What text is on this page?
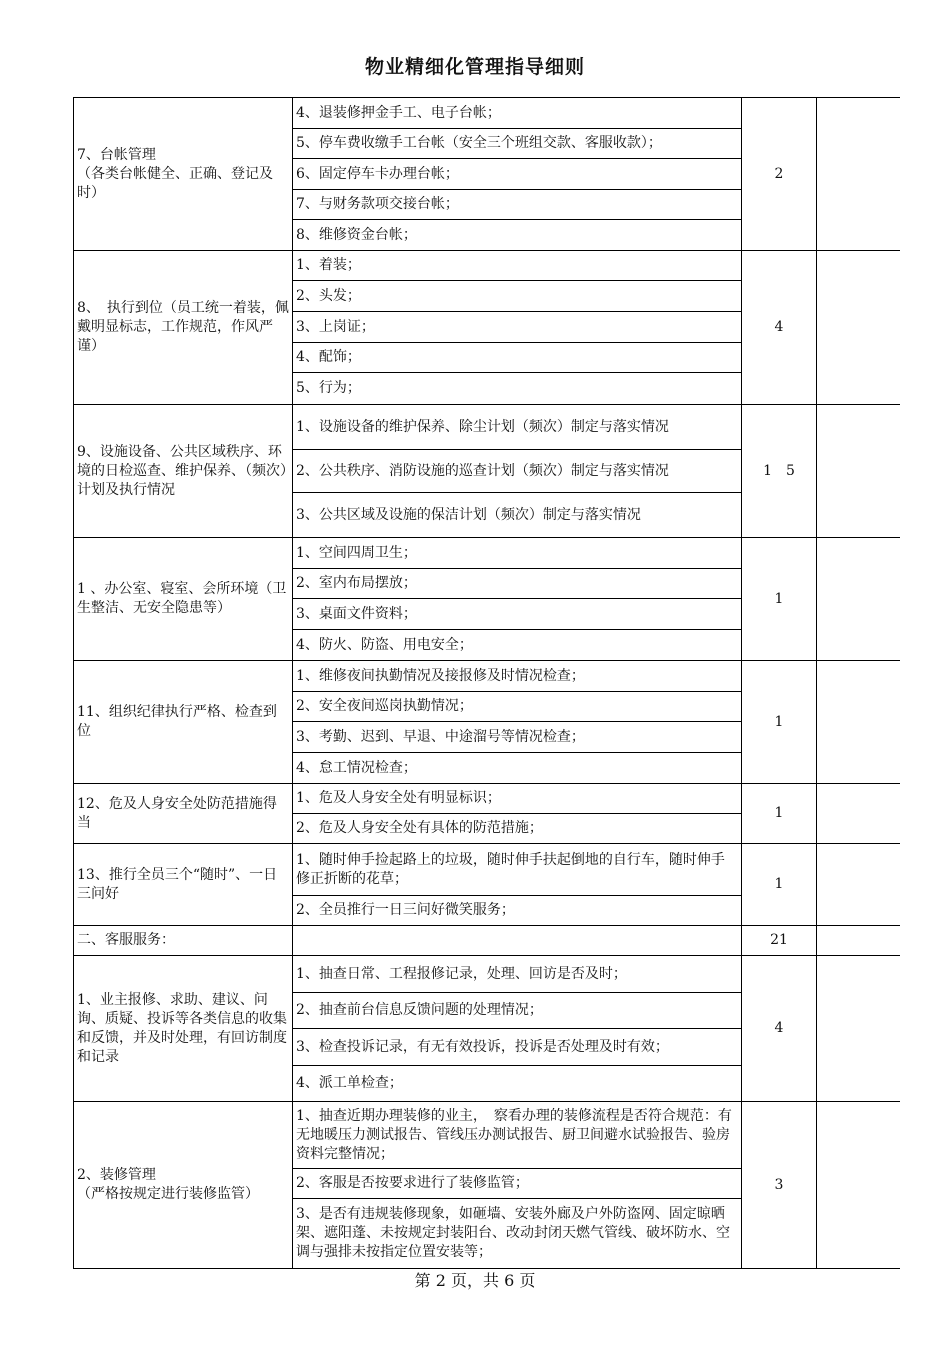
物业精细化管理指导细则
7、台帐管理
（各类台帐健全、正确、登记及时）	4、退装修押金手工、电子台帐；	2	
	5、停车费收缴手工台帐（安全三个班组交款、客服收款）；		
	6、固定停车卡办理台帐；		
	7、与财务款项交接台帐；		
	8、维修资金台帐；		
8、　执行到位（员工统一着装，佩戴明显标志，工作规范，作风严谨）	1、着装；	4	
	2、头发；		
	3、上岗证；		
	4、配饰；		
	5、行为；		
9、设施设备、公共区域秩序、环境的日检巡查、维护保养、（频次）计划及执行情况	1、设施设备的维护保养、除尘计划（频次）制定与落实情况	1　5	
	2、公共秩序、消防设施的巡查计划（频次）制定与落实情况		
	3、公共区域及设施的保洁计划（频次）制定与落实情况		
1 、办公室、寝室、会所环境（卫生整洁、无安全隐患等）	1、空间四周卫生；	1	
	2、室内布局摆放；		
	3、桌面文件资料；		
	4、防火、防盗、用电安全；		
11、组织纪律执行严格、检查到位	1、维修夜间执勤情况及接报修及时情况检查；	1	
	2、安全夜间巡岗执勤情况；		
	3、考勤、迟到、早退、中途溜号等情况检查；		
	4、怠工情况检查；		
12、危及人身安全处防范措施得当	1、危及人身安全处有明显标识；	1	
	2、危及人身安全处有具体的防范措施；		
13、推行全员三个“随时”、一日三问好	1、随时伸手捡起路上的垃圾，随时伸手扶起倒地的自行车，随时伸手修正折断的花草；	1	
	2、全员推行一日三问好微笑服务；		
二、客服服务：		21	
1、业主报修、求助、建议、问询、质疑、投诉等各类信息的收集和反馈，并及时处理，有回访制度和记录	1、抽查日常、工程报修记录，处理、回访是否及时；	4	
	2、抽查前台信息反馈问题的处理情况；		
	3、检查投诉记录，有无有效投诉，投诉是否处理及时有效；		
	4、派工单检查；		
2、装修管理
（严格按规定进行装修监管）	1、抽查近期办理装修的业主，　察看办理的装修流程是否符合规范：有无地暖压力测试报告、管线压办测试报告、厨卫间避水试验报告、验房资料完整情况；	3	
	2、客服是否按要求进行了装修监管；		
	3、是否有违规装修现象，如砸墙、安装外廊及户外防盗网、固定晾晒架、遮阳蓬、未按规定封装阳台、改动封闭天燃气管线、破坏防水、空调与强排未按指定位置安装等；		
第 2 页，共 6 页
